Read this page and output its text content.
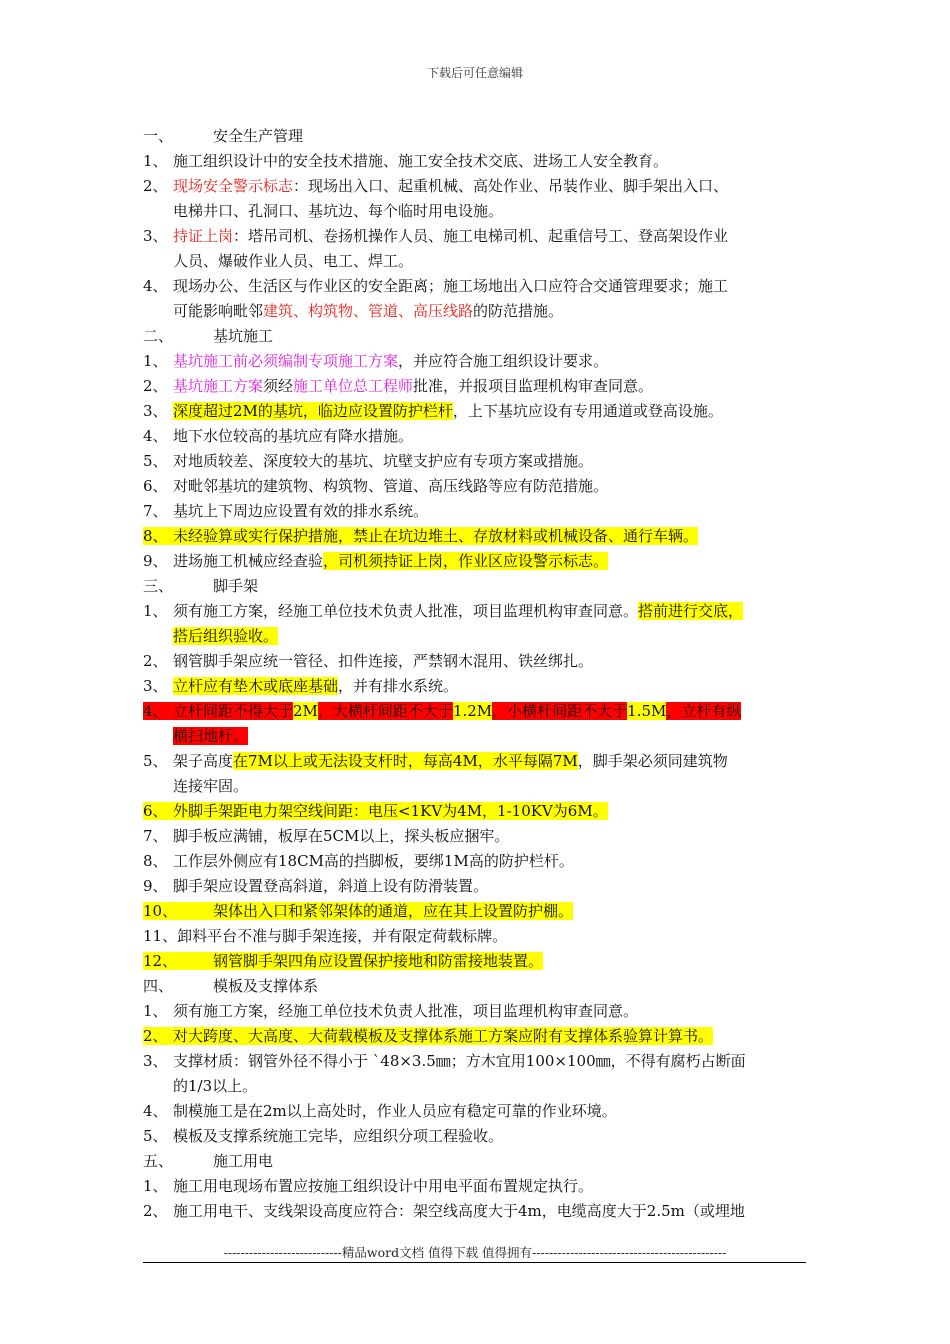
下载后可任意编辑
一、	安全生产管理
1、 施工组织设计中的安全技术措施、施工安全技术交底、进场工人安全教育。
2、 现场安全警示标志：现场出入口、起重机械、高处作业、吊装作业、脚手架出入口、
电梯井口、孔洞口、基坑边、每个临时用电设施。
3、 持证上岗：塔吊司机、卷扬机操作人员、施工电梯司机、起重信号工、登高架设作业
人员、爆破作业人员、电工、焊工。
4、 现场办公、生活区与作业区的安全距离；施工场地出入口应符合交通管理要求；施工
可能影响毗邻建筑、构筑物、管道、高压线路的防范措施。
二、	基坑施工
1、 基坑施工前必须编制专项施工方案，并应符合施工组织设计要求。
2、 基坑施工方案须经施工单位总工程师批准，并报项目监理机构审查同意。
3、 深度超过2M的基坑，临边应设置防护栏杆，上下基坑应设有专用通道或登高设施。
4、 地下水位较高的基坑应有降水措施。
5、 对地质较差、深度较大的基坑、坑壁支护应有专项方案或措施。
6、 对毗邻基坑的建筑物、构筑物、管道、高压线路等应有防范措施。
7、 基坑上下周边应设置有效的排水系统。
8、 未经验算或实行保护措施，禁止在坑边堆土、存放材料或机械设备、通行车辆。
9、 进场施工机械应经查验，司机须持证上岗，作业区应设警示标志。
三、	脚手架
1、 须有施工方案，经施工单位技术负责人批准，项目监理机构审查同意。搭前进行交底，
搭后组织验收。
2、 钢管脚手架应统一管径、扣件连接，严禁钢木混用、铁丝绑扎。
3、 立杆应有垫木或底座基础，并有排水系统。
4、 立杆间距不得大于2M，大横杆间距不大于1.2M，小横杆间距不大于1.5M，立杆有纵
横扫地杆。
5、 架子高度在7M以上或无法设支杆时，每高4M，水平每隔7M，脚手架必须同建筑物
连接牢固。
6、 外脚手架距电力架空线间距：电压<1KV为4M，1-10KV为6M。
7、 脚手板应满铺，板厚在5CM以上，探头板应捆牢。
8、 工作层外侧应有18CM高的挡脚板，要绑1M高的防护栏杆。
9、 脚手架应设置登高斜道，斜道上设有防滑装置。
10、 架体出入口和紧邻架体的通道，应在其上设置防护棚。
11、卸料平台不准与脚手架连接，并有限定荷载标牌。
12、 钢管脚手架四角应设置保护接地和防雷接地装置。
四、	模板及支撑体系
1、 须有施工方案，经施工单位技术负责人批准，项目监理机构审查同意。
2、 对大跨度、大高度、大荷载模板及支撑体系施工方案应附有支撑体系验算计算书。
3、 支撑材质：钢管外径不得小于 ˋ48×3.5㎜；方木宜用100×100㎜，不得有腐朽占断面
的1/3以上。
4、 制模施工是在2m以上高处时，作业人员应有稳定可靠的作业环境。
5、 模板及支撑系统施工完毕，应组织分项工程验收。
五、	施工用电
1、 施工用电现场布置应按施工组织设计中用电平面布置规定执行。
2、 施工用电干、支线架设高度应符合：架空线高度大于4m，电缆高度大于2.5m（或埋地
----------------------------精品word文档 值得下载 值得拥有----------------------------------------------
